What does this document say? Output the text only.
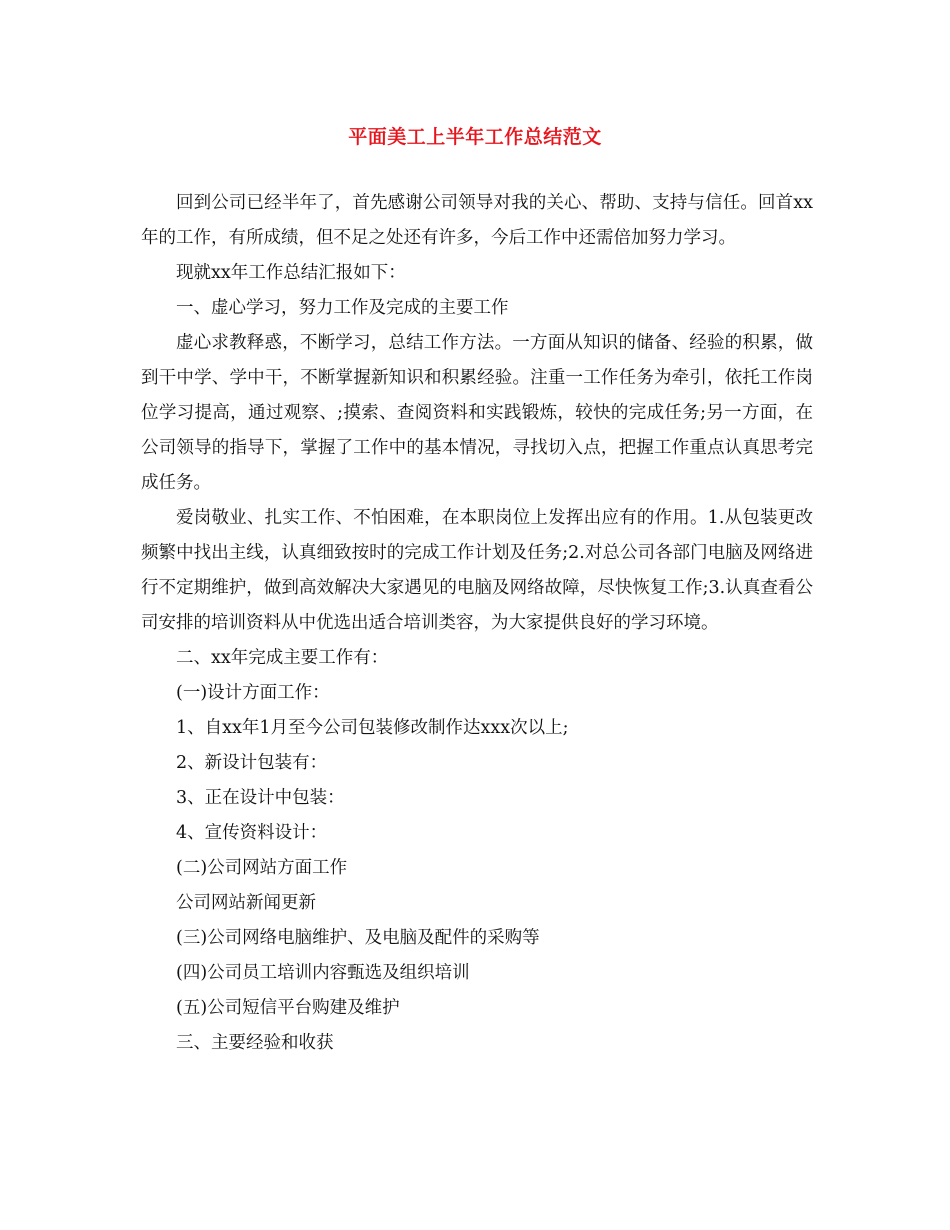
平面美工上半年工作总结范文

回到公司已经半年了，首先感谢公司领导对我的关心、帮助、支持与信任。回首xx年的工作，有所成绩，但不足之处还有许多，今后工作中还需倍加努力学习。

现就xx年工作总结汇报如下：

一、虚心学习，努力工作及完成的主要工作

虚心求教释惑，不断学习，总结工作方法。一方面从知识的储备、经验的积累，做到干中学、学中干，不断掌握新知识和积累经验。注重一工作任务为牵引，依托工作岗位学习提高，通过观察、;摸索、查阅资料和实践锻炼，较快的完成任务;另一方面，在公司领导的指导下，掌握了工作中的基本情况，寻找切入点，把握工作重点认真思考完成任务。

爱岗敬业、扎实工作、不怕困难，在本职岗位上发挥出应有的作用。1.从包装更改频繁中找出主线，认真细致按时的完成工作计划及任务;2.对总公司各部门电脑及网络进行不定期维护，做到高效解决大家遇见的电脑及网络故障，尽快恢复工作;3.认真查看公司安排的培训资料从中优选出适合培训类容，为大家提供良好的学习环境。

二、xx年完成主要工作有：

(一)设计方面工作：

1、自xx年1月至今公司包装修改制作达xxx次以上;

2、新设计包装有：

3、正在设计中包装：

4、宣传资料设计：

(二)公司网站方面工作

公司网站新闻更新

(三)公司网络电脑维护、及电脑及配件的采购等

(四)公司员工培训内容甄选及组织培训

(五)公司短信平台购建及维护

三、主要经验和收获
